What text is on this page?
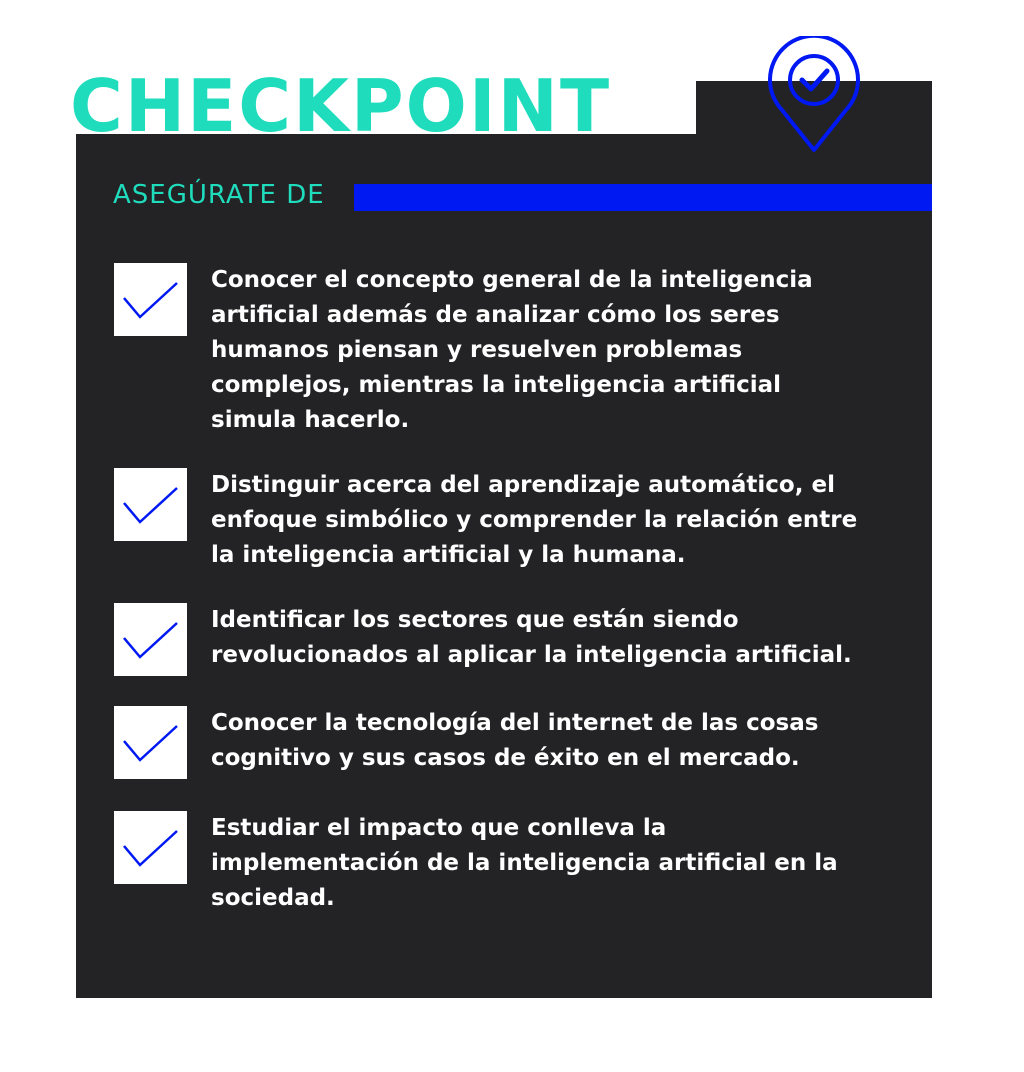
CHECKPOINT

ASEGÚRATE DE

Conocer el concepto general de la inteligencia artificial además de analizar cómo los seres humanos piensan y resuelven problemas complejos, mientras la inteligencia artificial simula hacerlo.

Distinguir acerca del aprendizaje automático, el enfoque simbólico y comprender la relación entre la inteligencia artificial y la humana.

Identificar los sectores que están siendo revolucionados al aplicar la inteligencia artificial.

Conocer la tecnología del internet de las cosas cognitivo y sus casos de éxito en el mercado.

Estudiar el impacto que conlleva la implementación de la inteligencia artificial en la sociedad.
